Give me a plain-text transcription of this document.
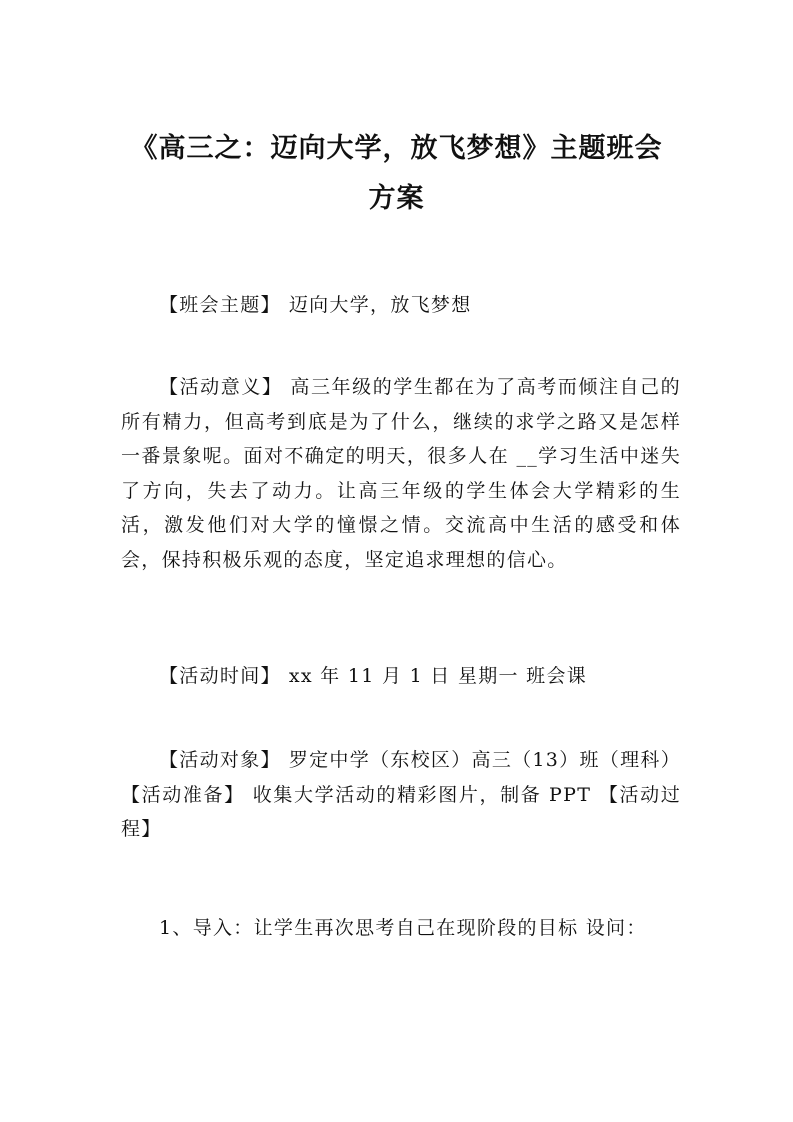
《高三之：迈向大学，放飞梦想》主题班会
方案

【班会主题】 迈向大学，放飞梦想

【活动意义】 高三年级的学生都在为了高考而倾注自己的所有精力，但高考到底是为了什么，继续的求学之路又是怎样一番景象呢。面对不确定的明天，很多人在 __学习生活中迷失了方向，失去了动力。让高三年级的学生体会大学精彩的生活，激发他们对大学的憧憬之情。交流高中生活的感受和体会，保持积极乐观的态度，坚定追求理想的信心。

【活动时间】 xx 年 11 月 1 日 星期一 班会课

【活动对象】 罗定中学（东校区）高三（13）班（理科）【活动准备】 收集大学活动的精彩图片，制备 PPT 【活动过程】

1、导入：让学生再次思考自己在现阶段的目标 设问：
